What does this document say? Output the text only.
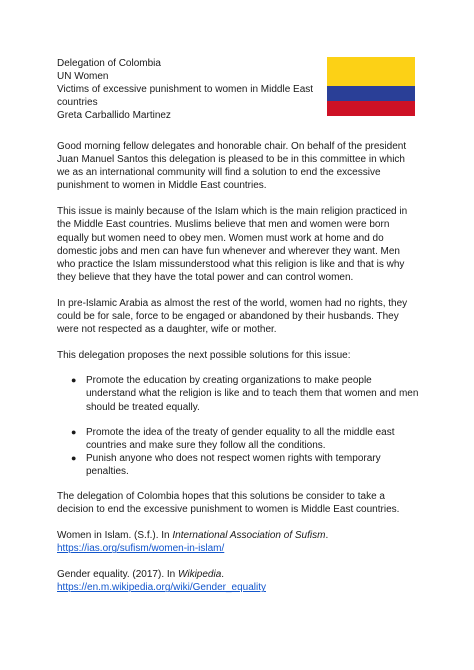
Delegation of Colombia
UN Women
Victims of excessive punishment to women in Middle East
countries
Greta Carballido Martinez

Good morning fellow delegates and honorable chair. On behalf of the president Juan Manuel Santos this delegation is pleased to be in this committee in which we as an international community will find a solution to end the excessive punishment to women in Middle East countries.

This issue is mainly because of the Islam which is the main religion practiced in the Middle East countries. Muslims believe that men and women were born equally but women need to obey men. Women must work at home and do domestic jobs and men can have fun whenever and wherever they want. Men who practice the Islam missunderstood what this religion is like and that is why they believe that they have the total power and can control women.

In pre-Islamic Arabia as almost the rest of the world, women had no rights, they could be for sale, force to be engaged or abandoned by their husbands. They were not respected as a daughter, wife or mother.

This delegation proposes the next possible solutions for this issue:

● Promote the education by creating organizations to make people understand what the religion is like and to teach them that women and men should be treated equally.
● Promote the idea of the treaty of gender equality to all the middle east countries and make sure they follow all the conditions.
● Punish anyone who does not respect women rights with temporary penalties.

The delegation of Colombia hopes that this solutions be consider to take a decision to end the excessive punishment to women is Middle East countries.

Women in Islam. (S.f.). In International Association of Sufism.
https://ias.org/sufism/women-in-islam/

Gender equality. (2017). In Wikipedia.
https://en.m.wikipedia.org/wiki/Gender_equality
